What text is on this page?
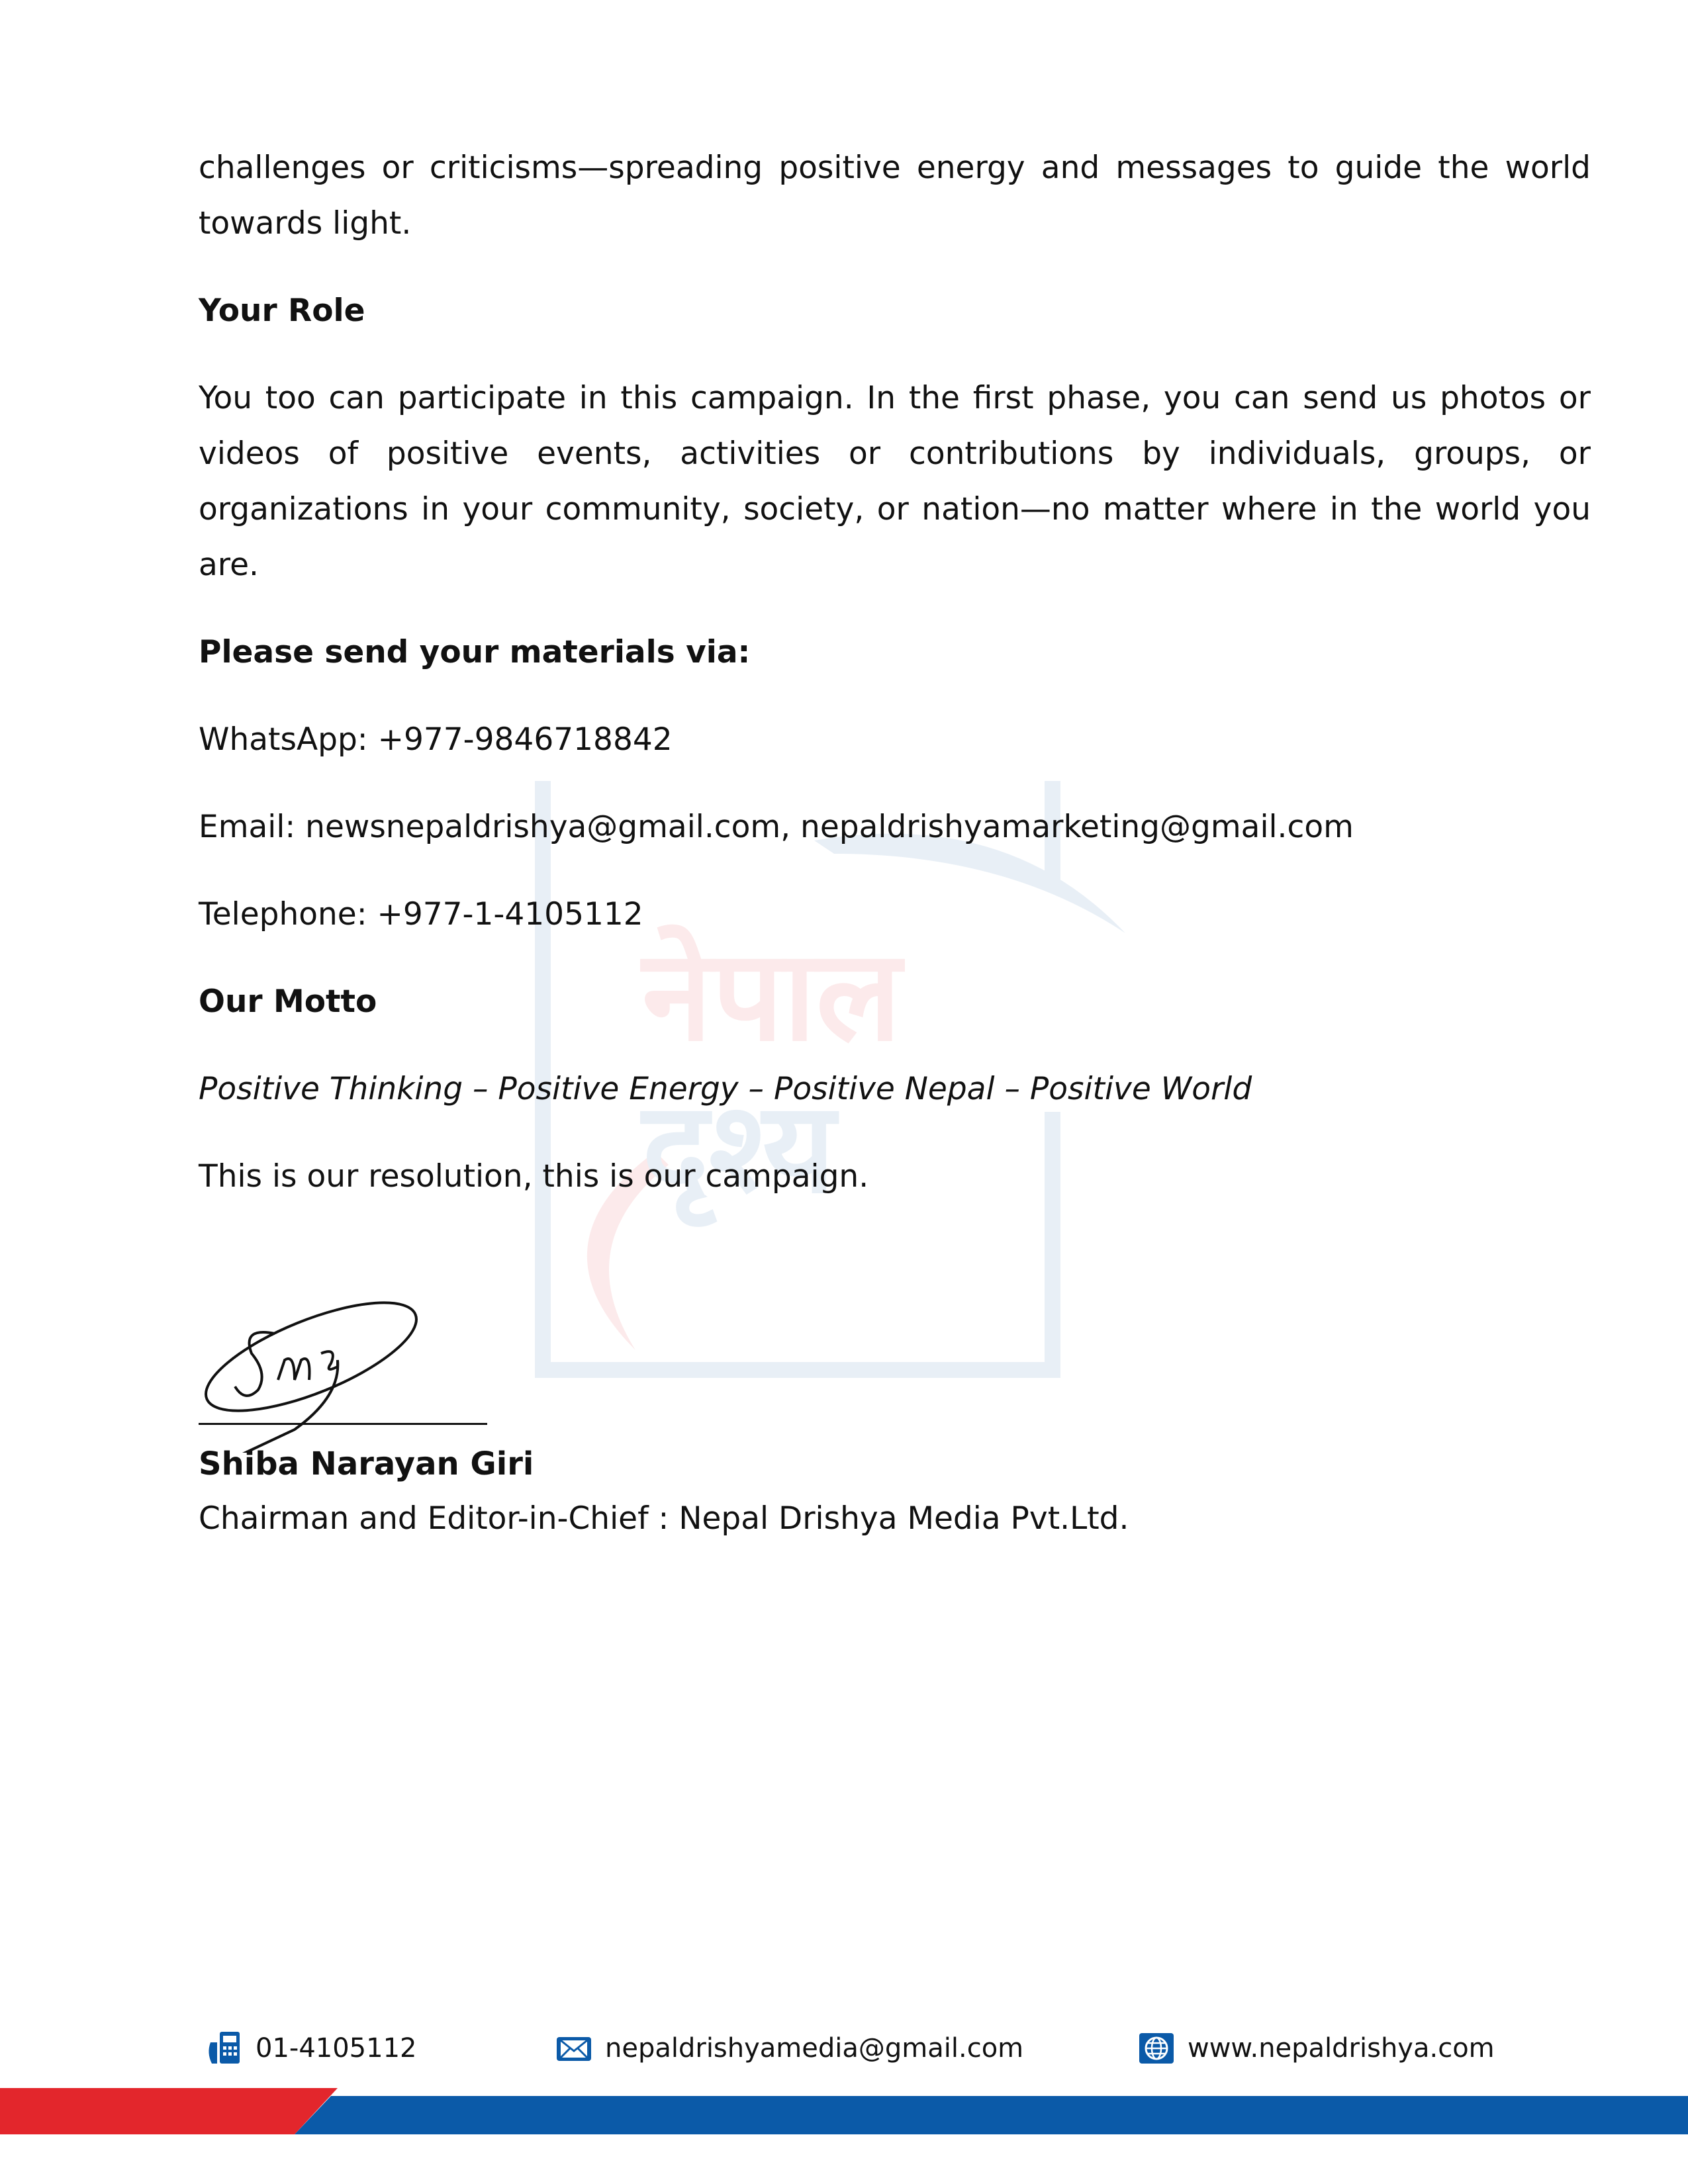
नेपाल
दृश्य

challenges or criticisms—spreading positive energy and messages to guide the world towards light.

Your Role

You too can participate in this campaign. In the first phase, you can send us photos or videos of positive events, activities or contributions by individuals, groups, or organizations in your community, society, or nation—no matter where in the world you are.

Please send your materials via:

WhatsApp: +977-9846718842

Email: newsnepaldrishya@gmail.com, nepaldrishyamarketing@gmail.com

Telephone: +977-1-4105112

Our Motto

Positive Thinking – Positive Energy – Positive Nepal – Positive World

This is our resolution, this is our campaign.

Shiba Narayan Giri
Chairman and Editor-in-Chief : Nepal Drishya Media Pvt.Ltd.
01-4105112	nepaldrishyamedia@gmail.com	www.nepaldrishya.com
